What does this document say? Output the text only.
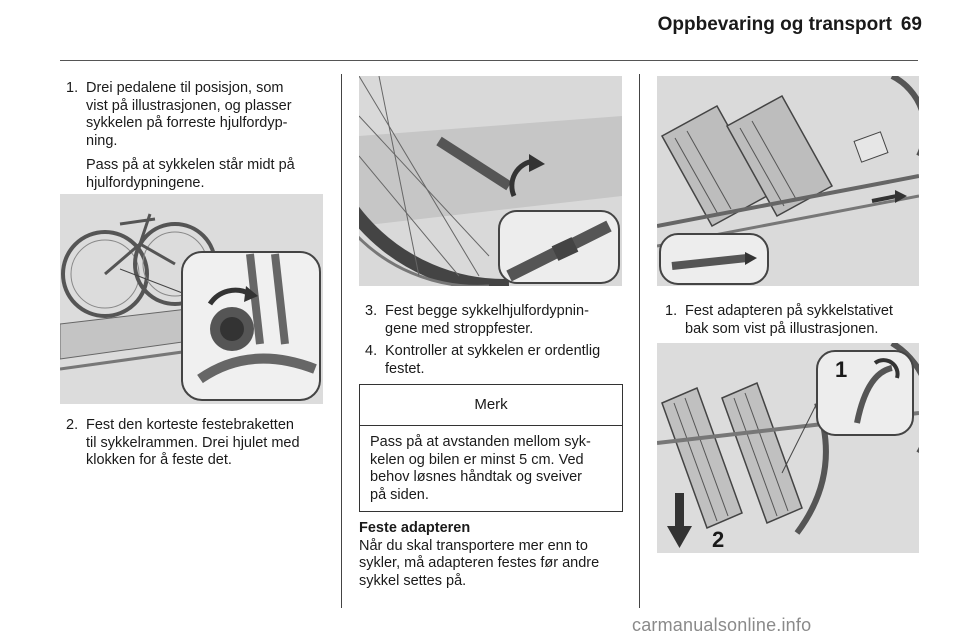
Oppbevaring og transport 69
1. Drei pedalene til posisjon, som
vist på illustrasjonen, og plasser
sykkelen på forreste hjulfordyp-
ning.
Pass på at sykkelen står midt på
hjulfordypningene.
2. Fest den korteste festebraketten
til sykkelrammen. Drei hjulet med
klokken for å feste det.
3. Fest begge sykkelhjulfordypnin-
gene med stroppfester.
4. Kontroller at sykkelen er ordentlig
festet.
Merk
Pass på at avstanden mellom syk-
kelen og bilen er minst 5 cm. Ved
behov løsnes håndtak og sveiver
på siden.
Feste adapteren
Når du skal transportere mer enn to
sykler, må adapteren festes før andre
sykkel settes på.
1. Fest adapteren på sykkelstativet
bak som vist på illustrasjonen.
1
2
carmanualsonline.info
